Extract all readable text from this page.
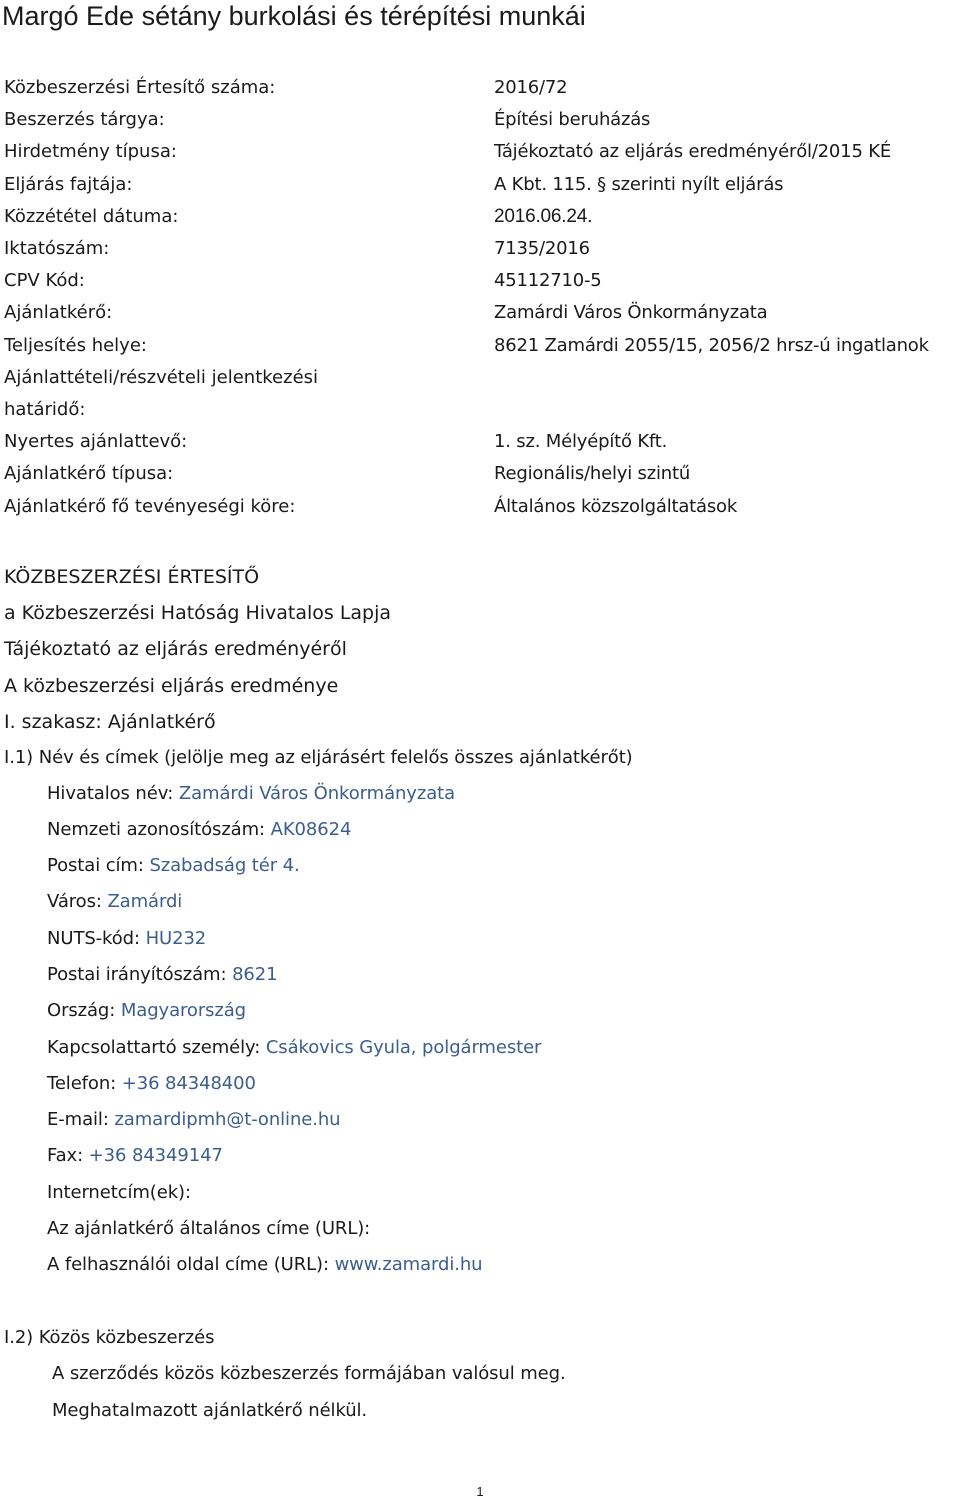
Margó Ede sétány burkolási és térépítési munkái
Közbeszerzési Értesítő száma:	2016/72
Beszerzés tárgya:	Építési beruházás
Hirdetmény típusa:	Tájékoztató az eljárás eredményéről/2015 KÉ
Eljárás fajtája:	A Kbt. 115. § szerinti nyílt eljárás
Közzététel dátuma:	2016.06.24.
Iktatószám:	7135/2016
CPV Kód:	45112710-5
Ajánlatkérő:	Zamárdi Város Önkormányzata
Teljesítés helye:	8621 Zamárdi 2055/15, 2056/2 hrsz-ú ingatlanok
Ajánlattételi/részvételi jelentkezési határidő:
Nyertes ajánlattevő:	1. sz. Mélyépítő Kft.
Ajánlatkérő típusa:	Regionális/helyi szintű
Ajánlatkérő fő tevényeségi köre:	Általános közszolgáltatások
KÖZBESZERZÉSI ÉRTESÍTŐ
a Közbeszerzési Hatóság Hivatalos Lapja
Tájékoztató az eljárás eredményéről
A közbeszerzési eljárás eredménye
I. szakasz: Ajánlatkérő
I.1) Név és címek (jelölje meg az eljárásért felelős összes ajánlatkérőt)
Hivatalos név: Zamárdi Város Önkormányzata
Nemzeti azonosítószám: AK08624
Postai cím: Szabadság tér 4.
Város: Zamárdi
NUTS-kód: HU232
Postai irányítószám: 8621
Ország: Magyarország
Kapcsolattartó személy: Csákovics Gyula, polgármester
Telefon: +36 84348400
E-mail: zamardipmh@t-online.hu
Fax: +36 84349147
Internetcím(ek):
Az ajánlatkérő általános címe (URL):
A felhasználói oldal címe (URL): www.zamardi.hu
I.2) Közös közbeszerzés
A szerződés közös közbeszerzés formájában valósul meg.
Meghatalmazott ajánlatkérő nélkül.
1
